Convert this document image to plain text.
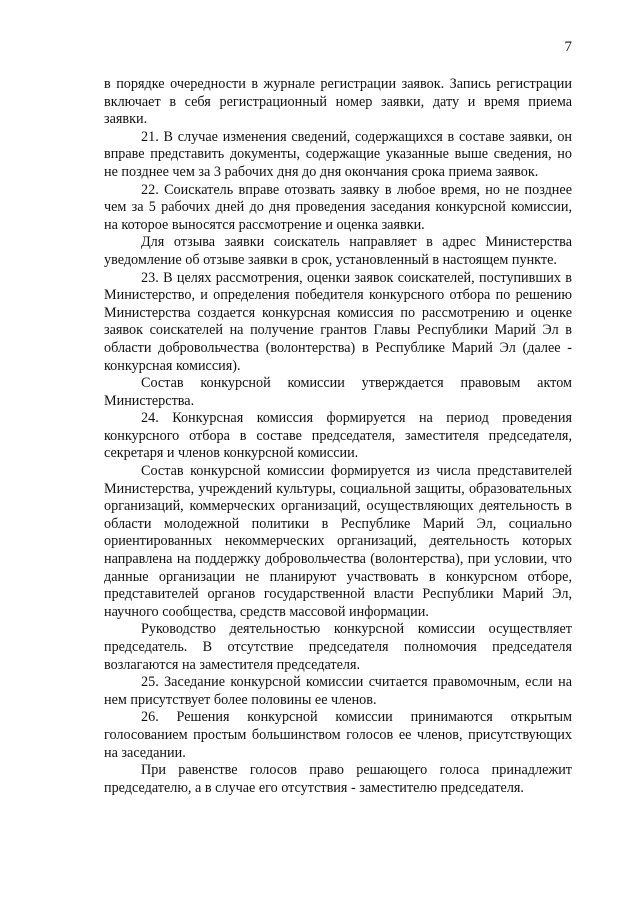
7

в порядке очередности в журнале регистрации заявок. Запись регистрации включает в себя регистрационный номер заявки, дату и время приема заявки.

21. В случае изменения сведений, содержащихся в составе заявки, он вправе представить документы, содержащие указанные выше сведения, но не позднее чем за 3 рабочих дня до дня окончания срока приема заявок.

22. Соискатель вправе отозвать заявку в любое время, но не позднее чем за 5 рабочих дней до дня проведения заседания конкурсной комиссии, на которое выносятся рассмотрение и оценка заявки.

Для отзыва заявки соискатель направляет в адрес Министерства уведомление об отзыве заявки в срок, установленный в настоящем пункте.

23. В целях рассмотрения, оценки заявок соискателей, поступивших в Министерство, и определения победителя конкурсного отбора по решению Министерства создается конкурсная комиссия по рассмотрению и оценке заявок соискателей на получение грантов Главы Республики Марий Эл в области добровольчества (волонтерства) в Республике Марий Эл (далее - конкурсная комиссия).

Состав конкурсной комиссии утверждается правовым актом Министерства.

24. Конкурсная комиссия формируется на период проведения конкурсного отбора в составе председателя, заместителя председателя, секретаря и членов конкурсной комиссии.

Состав конкурсной комиссии формируется из числа представителей Министерства, учреждений культуры, социальной защиты, образовательных организаций, коммерческих организаций, осуществляющих деятельность в области молодежной политики в Республике Марий Эл, социально ориентированных некоммерческих организаций, деятельность которых направлена на поддержку добровольчества (волонтерства), при условии, что данные организации не планируют участвовать в конкурсном отборе, представителей органов государственной власти Республики Марий Эл, научного сообщества, средств массовой информации.

Руководство деятельностью конкурсной комиссии осуществляет председатель. В отсутствие председателя полномочия председателя возлагаются на заместителя председателя.

25. Заседание конкурсной комиссии считается правомочным, если на нем присутствует более половины ее членов.

26. Решения конкурсной комиссии принимаются открытым голосованием простым большинством голосов ее членов, присутствующих на заседании.

При равенстве голосов право решающего голоса принадлежит председателю, а в случае его отсутствия - заместителю председателя.
